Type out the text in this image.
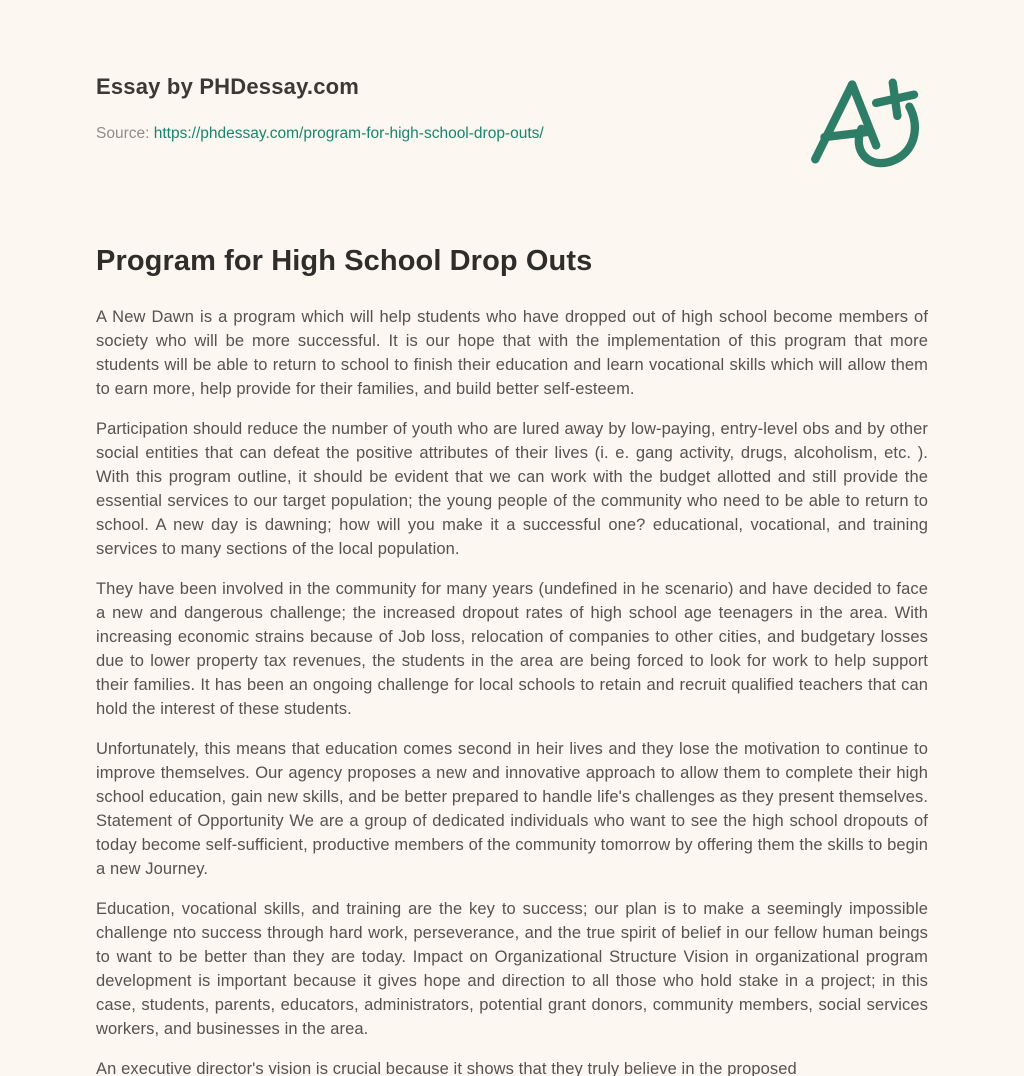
Essay by PHDessay.com
Source: https://phdessay.com/program-for-high-school-drop-outs/
Program for High School Drop Outs

A New Dawn is a program which will help students who have dropped out of high school become members of society who will be more successful. It is our hope that with the implementation of this program that more students will be able to return to school to finish their education and learn vocational skills which will allow them to earn more, help provide for their families, and build better self-esteem.

Participation should reduce the number of youth who are lured away by low-paying, entry-level obs and by other social entities that can defeat the positive attributes of their lives (i. e. gang activity, drugs, alcoholism, etc. ). With this program outline, it should be evident that we can work with the budget allotted and still provide the essential services to our target population; the young people of the community who need to be able to return to school. A new day is dawning; how will you make it a successful one? educational, vocational, and training services to many sections of the local population.

They have been involved in the community for many years (undefined in he scenario) and have decided to face a new and dangerous challenge; the increased dropout rates of high school age teenagers in the area. With increasing economic strains because of Job loss, relocation of companies to other cities, and budgetary losses due to lower property tax revenues, the students in the area are being forced to look for work to help support their families. It has been an ongoing challenge for local schools to retain and recruit qualified teachers that can hold the interest of these students.

Unfortunately, this means that education comes second in heir lives and they lose the motivation to continue to improve themselves. Our agency proposes a new and innovative approach to allow them to complete their high school education, gain new skills, and be better prepared to handle life's challenges as they present themselves. Statement of Opportunity We are a group of dedicated individuals who want to see the high school dropouts of today become self-sufficient, productive members of the community tomorrow by offering them the skills to begin a new Journey.

Education, vocational skills, and training are the key to success; our plan is to make a seemingly impossible challenge nto success through hard work, perseverance, and the true spirit of belief in our fellow human beings to want to be better than they are today. Impact on Organizational Structure Vision in organizational program development is important because it gives hope and direction to all those who hold stake in a project; in this case, students, parents, educators, administrators, potential grant donors, community members, social services workers, and businesses in the area.

An executive director's vision is crucial because it shows that they truly believe in the proposed
